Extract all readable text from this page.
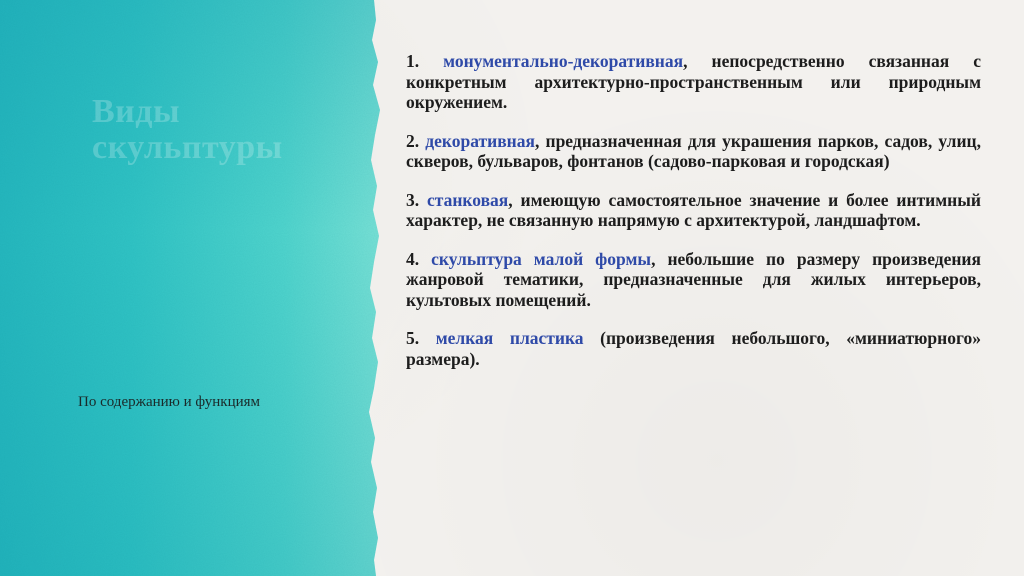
Виды скульптуры
По содержанию и функциям

1. монументально-декоративная, непосредственно связанная с конкретным архитектурно-пространственным или природным окружением.

2. декоративная, предназначенная для украшения парков, садов, улиц, скверов, бульваров, фонтанов (садово-парковая и городская)

3. станковая, имеющую самостоятельное значение и более интимный характер, не связанную напрямую с архитектурой, ландшафтом.

4. скульптура малой формы, небольшие по размеру произведения жанровой тематики, предназначенные для жилых интерьеров, культовых помещений.

5. мелкая пластика (произведения небольшого, «миниатюрного» размера).
